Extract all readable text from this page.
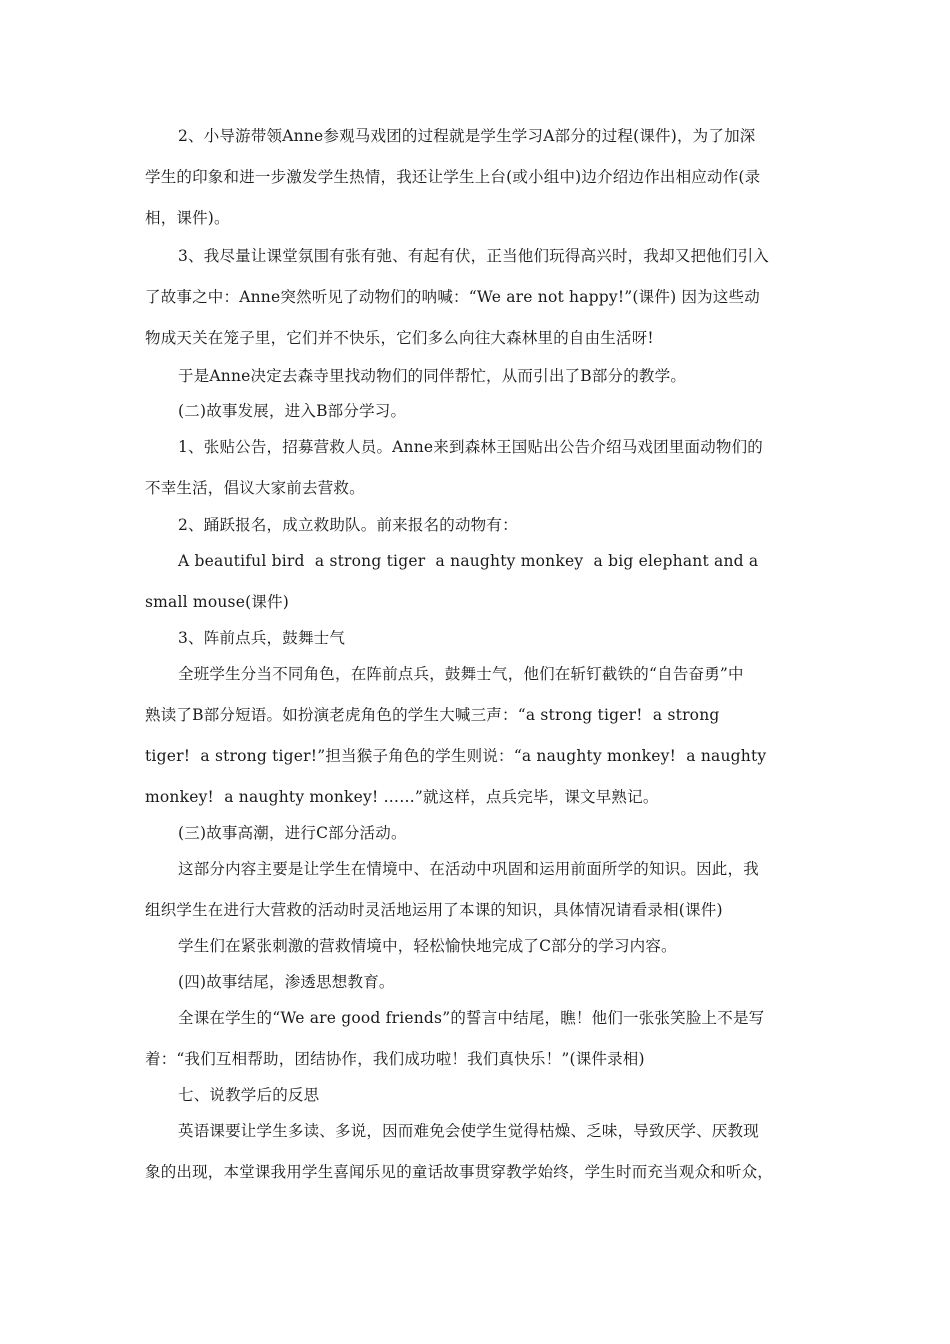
2、小导游带领Anne参观马戏团的过程就是学生学习A部分的过程(课件)，为了加深
学生的印象和进一步激发学生热情，我还让学生上台(或小组中)边介绍边作出相应动作(录
相，课件)。
3、我尽量让课堂氛围有张有弛、有起有伏，正当他们玩得高兴时，我却又把他们引入
了故事之中：Anne突然听见了动物们的呐喊：“We are not happy!”(课件) 因为这些动
物成天关在笼子里，它们并不快乐，它们多么向往大森林里的自由生活呀!
于是Anne决定去森寺里找动物们的同伴帮忙，从而引出了B部分的教学。
(二)故事发展，进入B部分学习。
1、张贴公告，招募营救人员。Anne来到森林王国贴出公告介绍马戏团里面动物们的
不幸生活，倡议大家前去营救。
2、踊跃报名，成立救助队。前来报名的动物有：
A beautiful bird  a strong tiger  a naughty monkey  a big elephant and a
small mouse(课件)
3、阵前点兵，鼓舞士气
全班学生分当不同角色，在阵前点兵，鼓舞士气，他们在斩钉截铁的“自告奋勇”中
熟读了B部分短语。如扮演老虎角色的学生大喊三声：“a strong tiger!  a strong
tiger!  a strong tiger!”担当猴子角色的学生则说：“a naughty monkey!  a naughty
monkey!  a naughty monkey! ……”就这样，点兵完毕，课文早熟记。
(三)故事高潮，进行C部分活动。
这部分内容主要是让学生在情境中、在活动中巩固和运用前面所学的知识。因此，我
组织学生在进行大营救的活动时灵活地运用了本课的知识，具体情况请看录相(课件)
学生们在紧张刺激的营救情境中，轻松愉快地完成了C部分的学习内容。
(四)故事结尾，渗透思想教育。
全课在学生的“We are good friends”的誓言中结尾，瞧！他们一张张笑脸上不是写
着：“我们互相帮助，团结协作，我们成功啦！我们真快乐！”(课件录相)
七、说教学后的反思
英语课要让学生多读、多说，因而难免会使学生觉得枯燥、乏味，导致厌学、厌教现
象的出现，本堂课我用学生喜闻乐见的童话故事贯穿教学始终，学生时而充当观众和听众，
